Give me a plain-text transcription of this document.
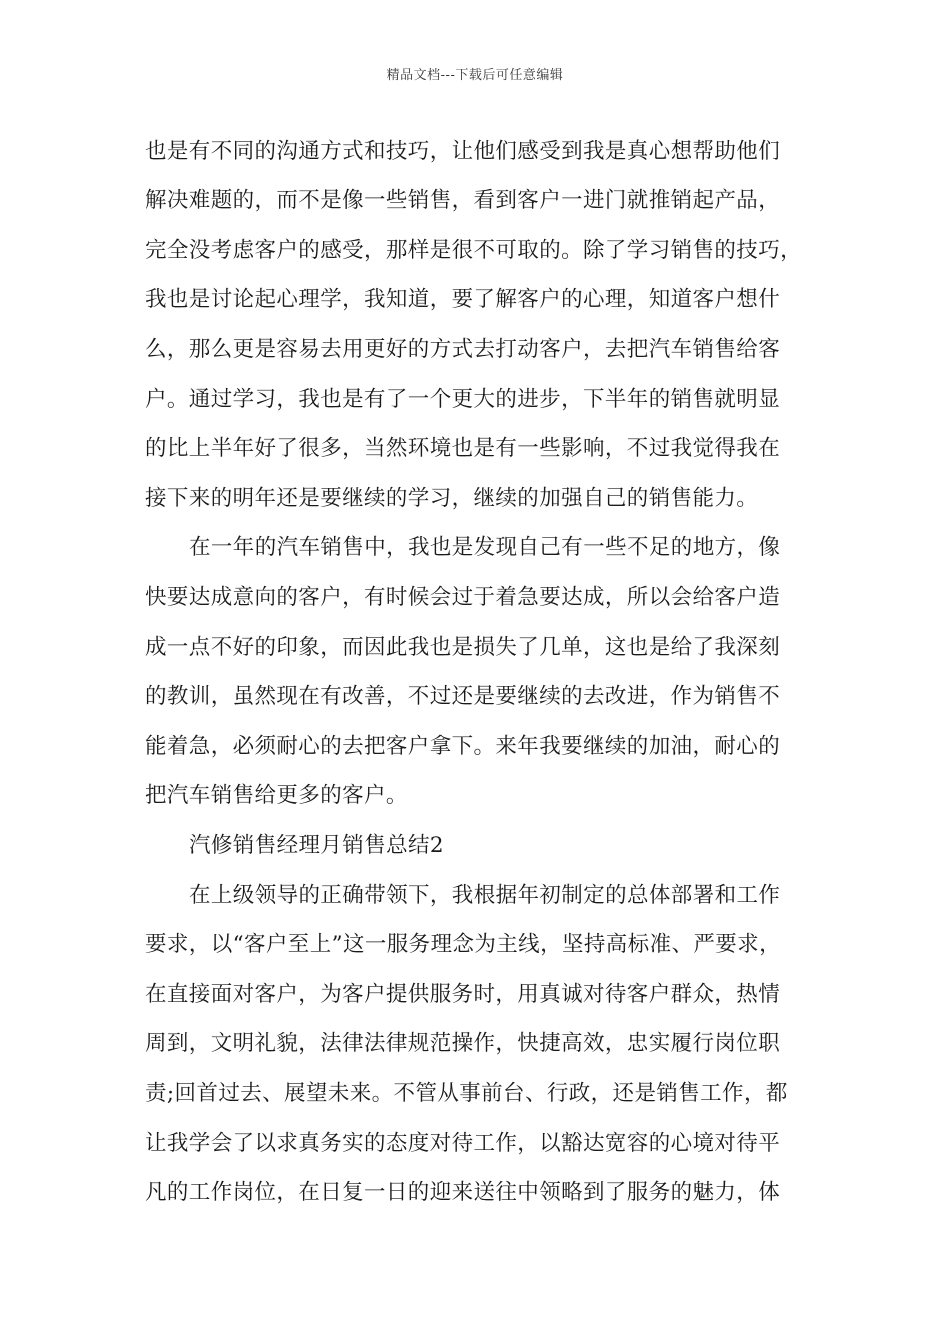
精品文档---下载后可任意编辑
也是有不同的沟通方式和技巧，让他们感受到我是真心想帮助他们
解决难题的，而不是像一些销售，看到客户一进门就推销起产品，
完全没考虑客户的感受，那样是很不可取的。除了学习销售的技巧，
我也是讨论起心理学，我知道，要了解客户的心理，知道客户想什
么，那么更是容易去用更好的方式去打动客户，去把汽车销售给客
户。通过学习，我也是有了一个更大的进步，下半年的销售就明显
的比上半年好了很多，当然环境也是有一些影响，不过我觉得我在
接下来的明年还是要继续的学习，继续的加强自己的销售能力。
在一年的汽车销售中，我也是发现自己有一些不足的地方，像
快要达成意向的客户，有时候会过于着急要达成，所以会给客户造
成一点不好的印象，而因此我也是损失了几单，这也是给了我深刻
的教训，虽然现在有改善，不过还是要继续的去改进，作为销售不
能着急，必须耐心的去把客户拿下。来年我要继续的加油，耐心的
把汽车销售给更多的客户。
汽修销售经理月销售总结2
在上级领导的正确带领下，我根据年初制定的总体部署和工作
要求，以“客户至上”这一服务理念为主线，坚持高标准、严要求，
在直接面对客户，为客户提供服务时，用真诚对待客户群众，热情
周到，文明礼貌，法律法律规范操作，快捷高效，忠实履行岗位职
责;回首过去、展望未来。不管从事前台、行政，还是销售工作，都
让我学会了以求真务实的态度对待工作，以豁达宽容的心境对待平
凡的工作岗位，在日复一日的迎来送往中领略到了服务的魅力，体
